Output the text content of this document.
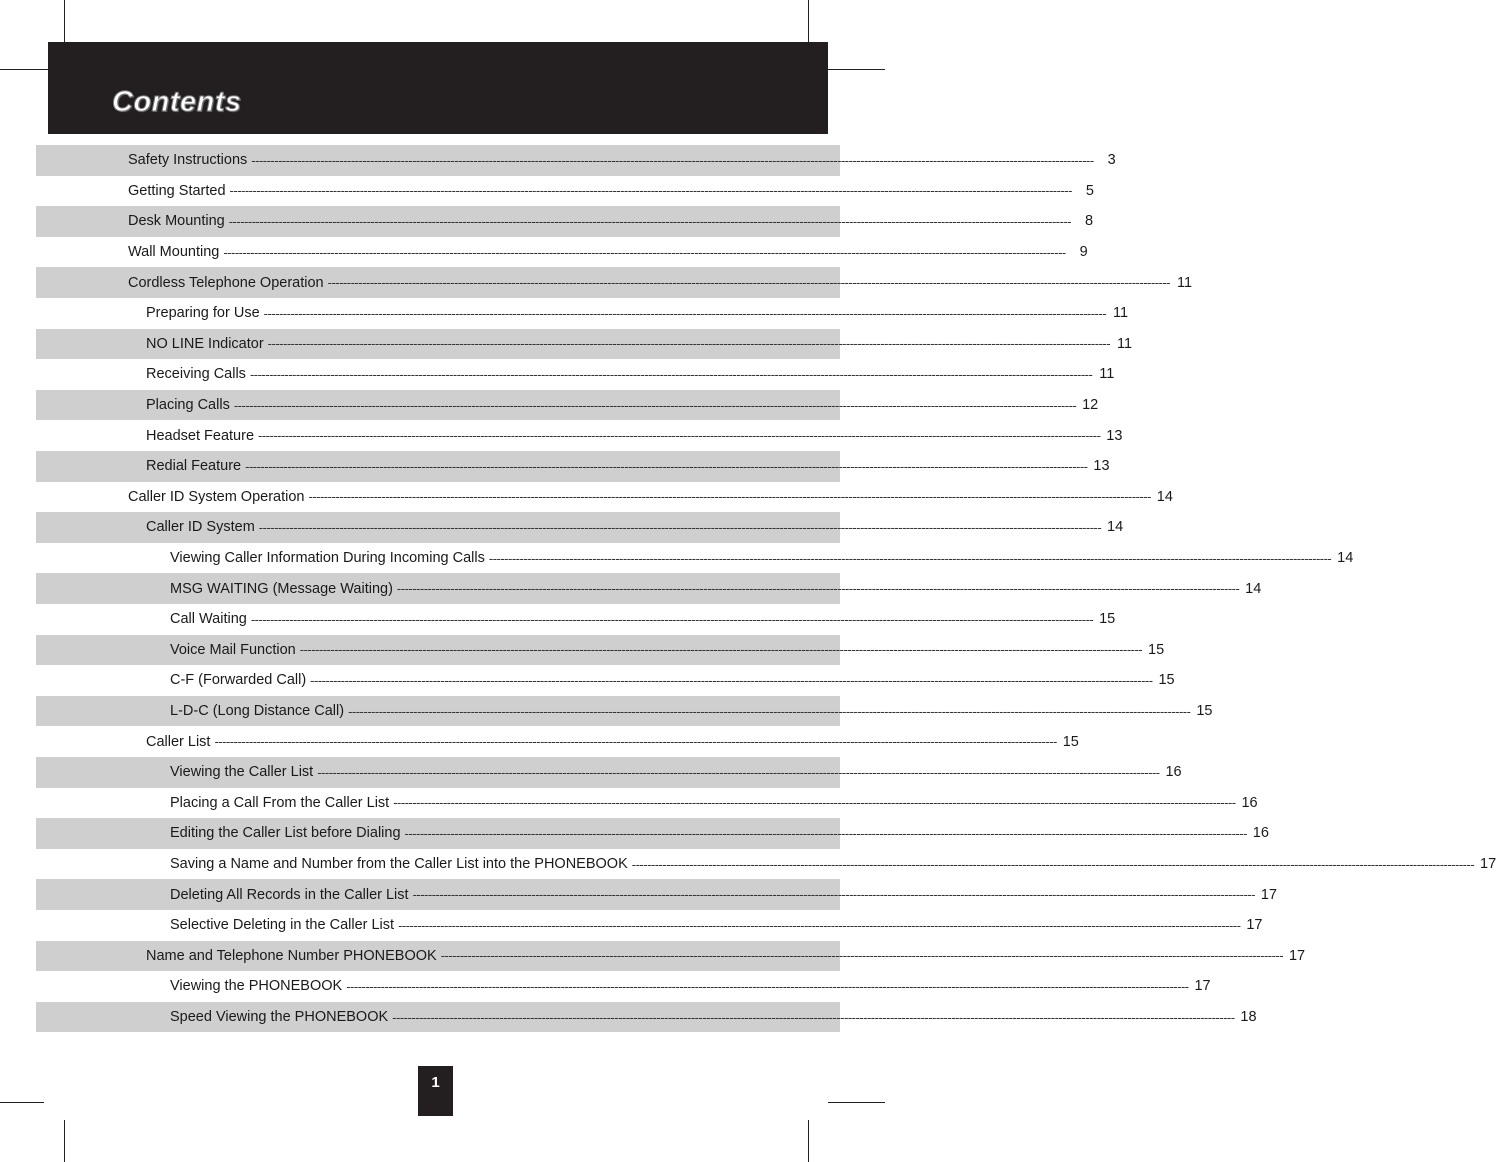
Contents
Safety Instructions ---------------------------------------------------------------------------------------------------------------------------------------------------------------------------------------------------------------------------- 3
Getting Started ---------------------------------------------------------------------------------------------------------------------------------------------------------------------------------------------------------------------------- 5
Desk Mounting ---------------------------------------------------------------------------------------------------------------------------------------------------------------------------------------------------------------------------- 8
Wall Mounting ---------------------------------------------------------------------------------------------------------------------------------------------------------------------------------------------------------------------------- 9
Cordless Telephone Operation ---------------------------------------------------------------------------------------------------------------------------------------------------------------------------------------------------------------------------- 11
Preparing for Use ---------------------------------------------------------------------------------------------------------------------------------------------------------------------------------------------------------------------------- 11
NO LINE Indicator ---------------------------------------------------------------------------------------------------------------------------------------------------------------------------------------------------------------------------- 11
Receiving Calls ---------------------------------------------------------------------------------------------------------------------------------------------------------------------------------------------------------------------------- 11
Placing Calls ---------------------------------------------------------------------------------------------------------------------------------------------------------------------------------------------------------------------------- 12
Headset Feature ---------------------------------------------------------------------------------------------------------------------------------------------------------------------------------------------------------------------------- 13
Redial Feature ---------------------------------------------------------------------------------------------------------------------------------------------------------------------------------------------------------------------------- 13
Caller ID System Operation ---------------------------------------------------------------------------------------------------------------------------------------------------------------------------------------------------------------------------- 14
Caller ID System ---------------------------------------------------------------------------------------------------------------------------------------------------------------------------------------------------------------------------- 14
Viewing Caller Information During Incoming Calls ---------------------------------------------------------------------------------------------------------------------------------------------------------------------------------------------------------------------------- 14
MSG WAITING (Message Waiting) ---------------------------------------------------------------------------------------------------------------------------------------------------------------------------------------------------------------------------- 14
Call Waiting ---------------------------------------------------------------------------------------------------------------------------------------------------------------------------------------------------------------------------- 15
Voice Mail Function ---------------------------------------------------------------------------------------------------------------------------------------------------------------------------------------------------------------------------- 15
C-F (Forwarded Call) ---------------------------------------------------------------------------------------------------------------------------------------------------------------------------------------------------------------------------- 15
L-D-C (Long Distance Call) ---------------------------------------------------------------------------------------------------------------------------------------------------------------------------------------------------------------------------- 15
Caller List ---------------------------------------------------------------------------------------------------------------------------------------------------------------------------------------------------------------------------- 15
Viewing the Caller List ---------------------------------------------------------------------------------------------------------------------------------------------------------------------------------------------------------------------------- 16
Placing a Call From the Caller List ---------------------------------------------------------------------------------------------------------------------------------------------------------------------------------------------------------------------------- 16
Editing the Caller List before Dialing ---------------------------------------------------------------------------------------------------------------------------------------------------------------------------------------------------------------------------- 16
Saving a Name and Number from the Caller List into the PHONEBOOK ---------------------------------------------------------------------------------------------------------------------------------------------------------------------------------------------------------------------------- 17
Deleting All Records in the Caller List ---------------------------------------------------------------------------------------------------------------------------------------------------------------------------------------------------------------------------- 17
Selective Deleting in the Caller List ---------------------------------------------------------------------------------------------------------------------------------------------------------------------------------------------------------------------------- 17
Name and Telephone Number PHONEBOOK ---------------------------------------------------------------------------------------------------------------------------------------------------------------------------------------------------------------------------- 17
Viewing the PHONEBOOK ---------------------------------------------------------------------------------------------------------------------------------------------------------------------------------------------------------------------------- 17
Speed Viewing the PHONEBOOK ---------------------------------------------------------------------------------------------------------------------------------------------------------------------------------------------------------------------------- 18
1
